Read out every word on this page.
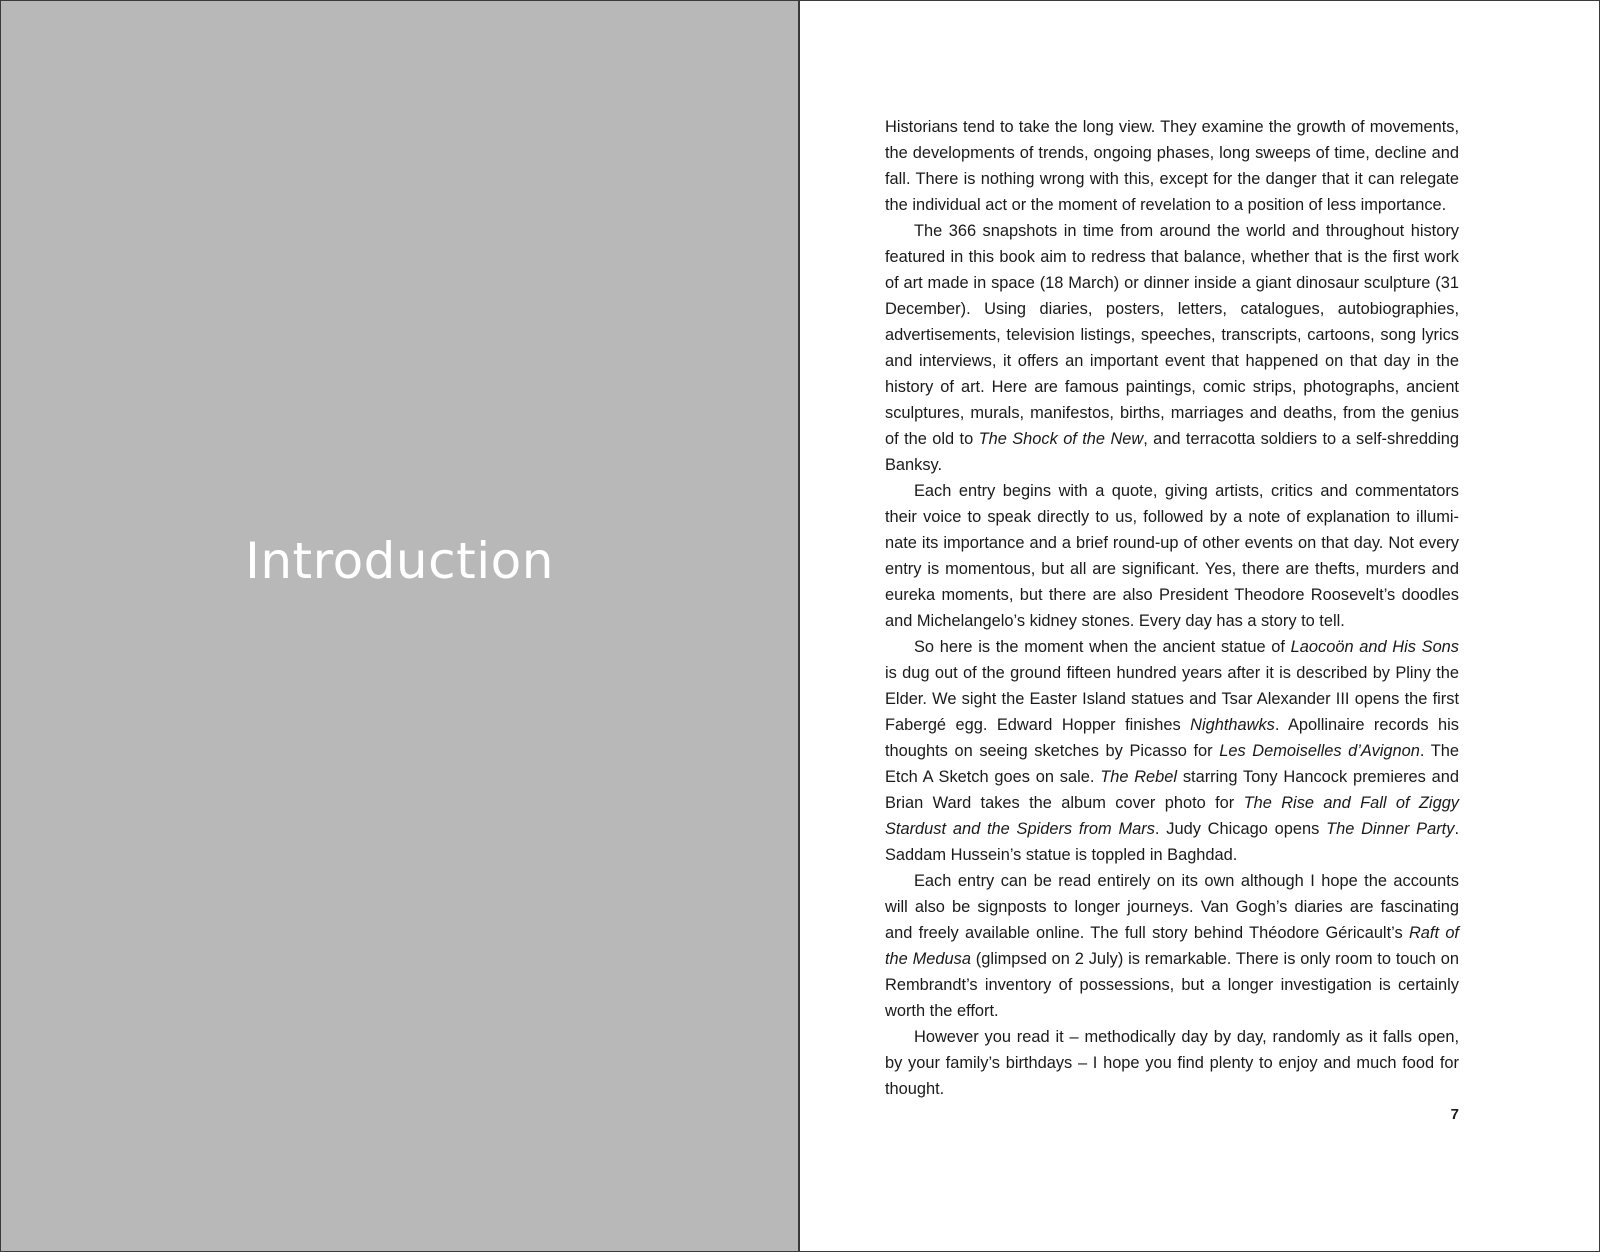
Introduction

Historians tend to take the long view. They examine the growth of movements, the developments of trends, ongoing phases, long sweeps of time, decline and fall. There is nothing wrong with this, except for the danger that it can relegate the individual act or the moment of revelation to a position of less importance.

The 366 snapshots in time from around the world and throughout history featured in this book aim to redress that balance, whether that is the first work of art made in space (18 March) or dinner inside a giant dinosaur sculpture (31 December). Using diaries, posters, letters, catalogues, autobiographies, advertisements, television listings, speeches, transcripts, cartoons, song lyrics and interviews, it offers an important event that happened on that day in the history of art. Here are famous paintings, comic strips, photographs, ancient sculptures, murals, manifestos, births, marriages and deaths, from the genius of the old to The Shock of the New, and terracotta soldiers to a self-shredding Banksy.

Each entry begins with a quote, giving artists, critics and commentators their voice to speak directly to us, followed by a note of explanation to illuminate its importance and a brief round-up of other events on that day. Not every entry is momentous, but all are significant. Yes, there are thefts, murders and eureka moments, but there are also President Theodore Roosevelt’s doodles and Michelangelo’s kidney stones. Every day has a story to tell.

So here is the moment when the ancient statue of Laocoön and His Sons is dug out of the ground fifteen hundred years after it is described by Pliny the Elder. We sight the Easter Island statues and Tsar Alexander III opens the first Fabergé egg. Edward Hopper finishes Nighthawks. Apollinaire records his thoughts on seeing sketches by Picasso for Les Demoiselles d’Avignon. The Etch A Sketch goes on sale. The Rebel starring Tony Hancock premieres and Brian Ward takes the album cover photo for The Rise and Fall of Ziggy Stardust and the Spiders from Mars. Judy Chicago opens The Dinner Party. Saddam Hussein’s statue is toppled in Baghdad.

Each entry can be read entirely on its own although I hope the accounts will also be signposts to longer journeys. Van Gogh’s diaries are fascinating and freely available online. The full story behind Théodore Géricault’s Raft of the Medusa (glimpsed on 2 July) is remarkable. There is only room to touch on Rembrandt’s inventory of possessions, but a longer investigation is certainly worth the effort.

However you read it – methodically day by day, randomly as it falls open, by your family’s birthdays – I hope you find plenty to enjoy and much food for thought.

7
